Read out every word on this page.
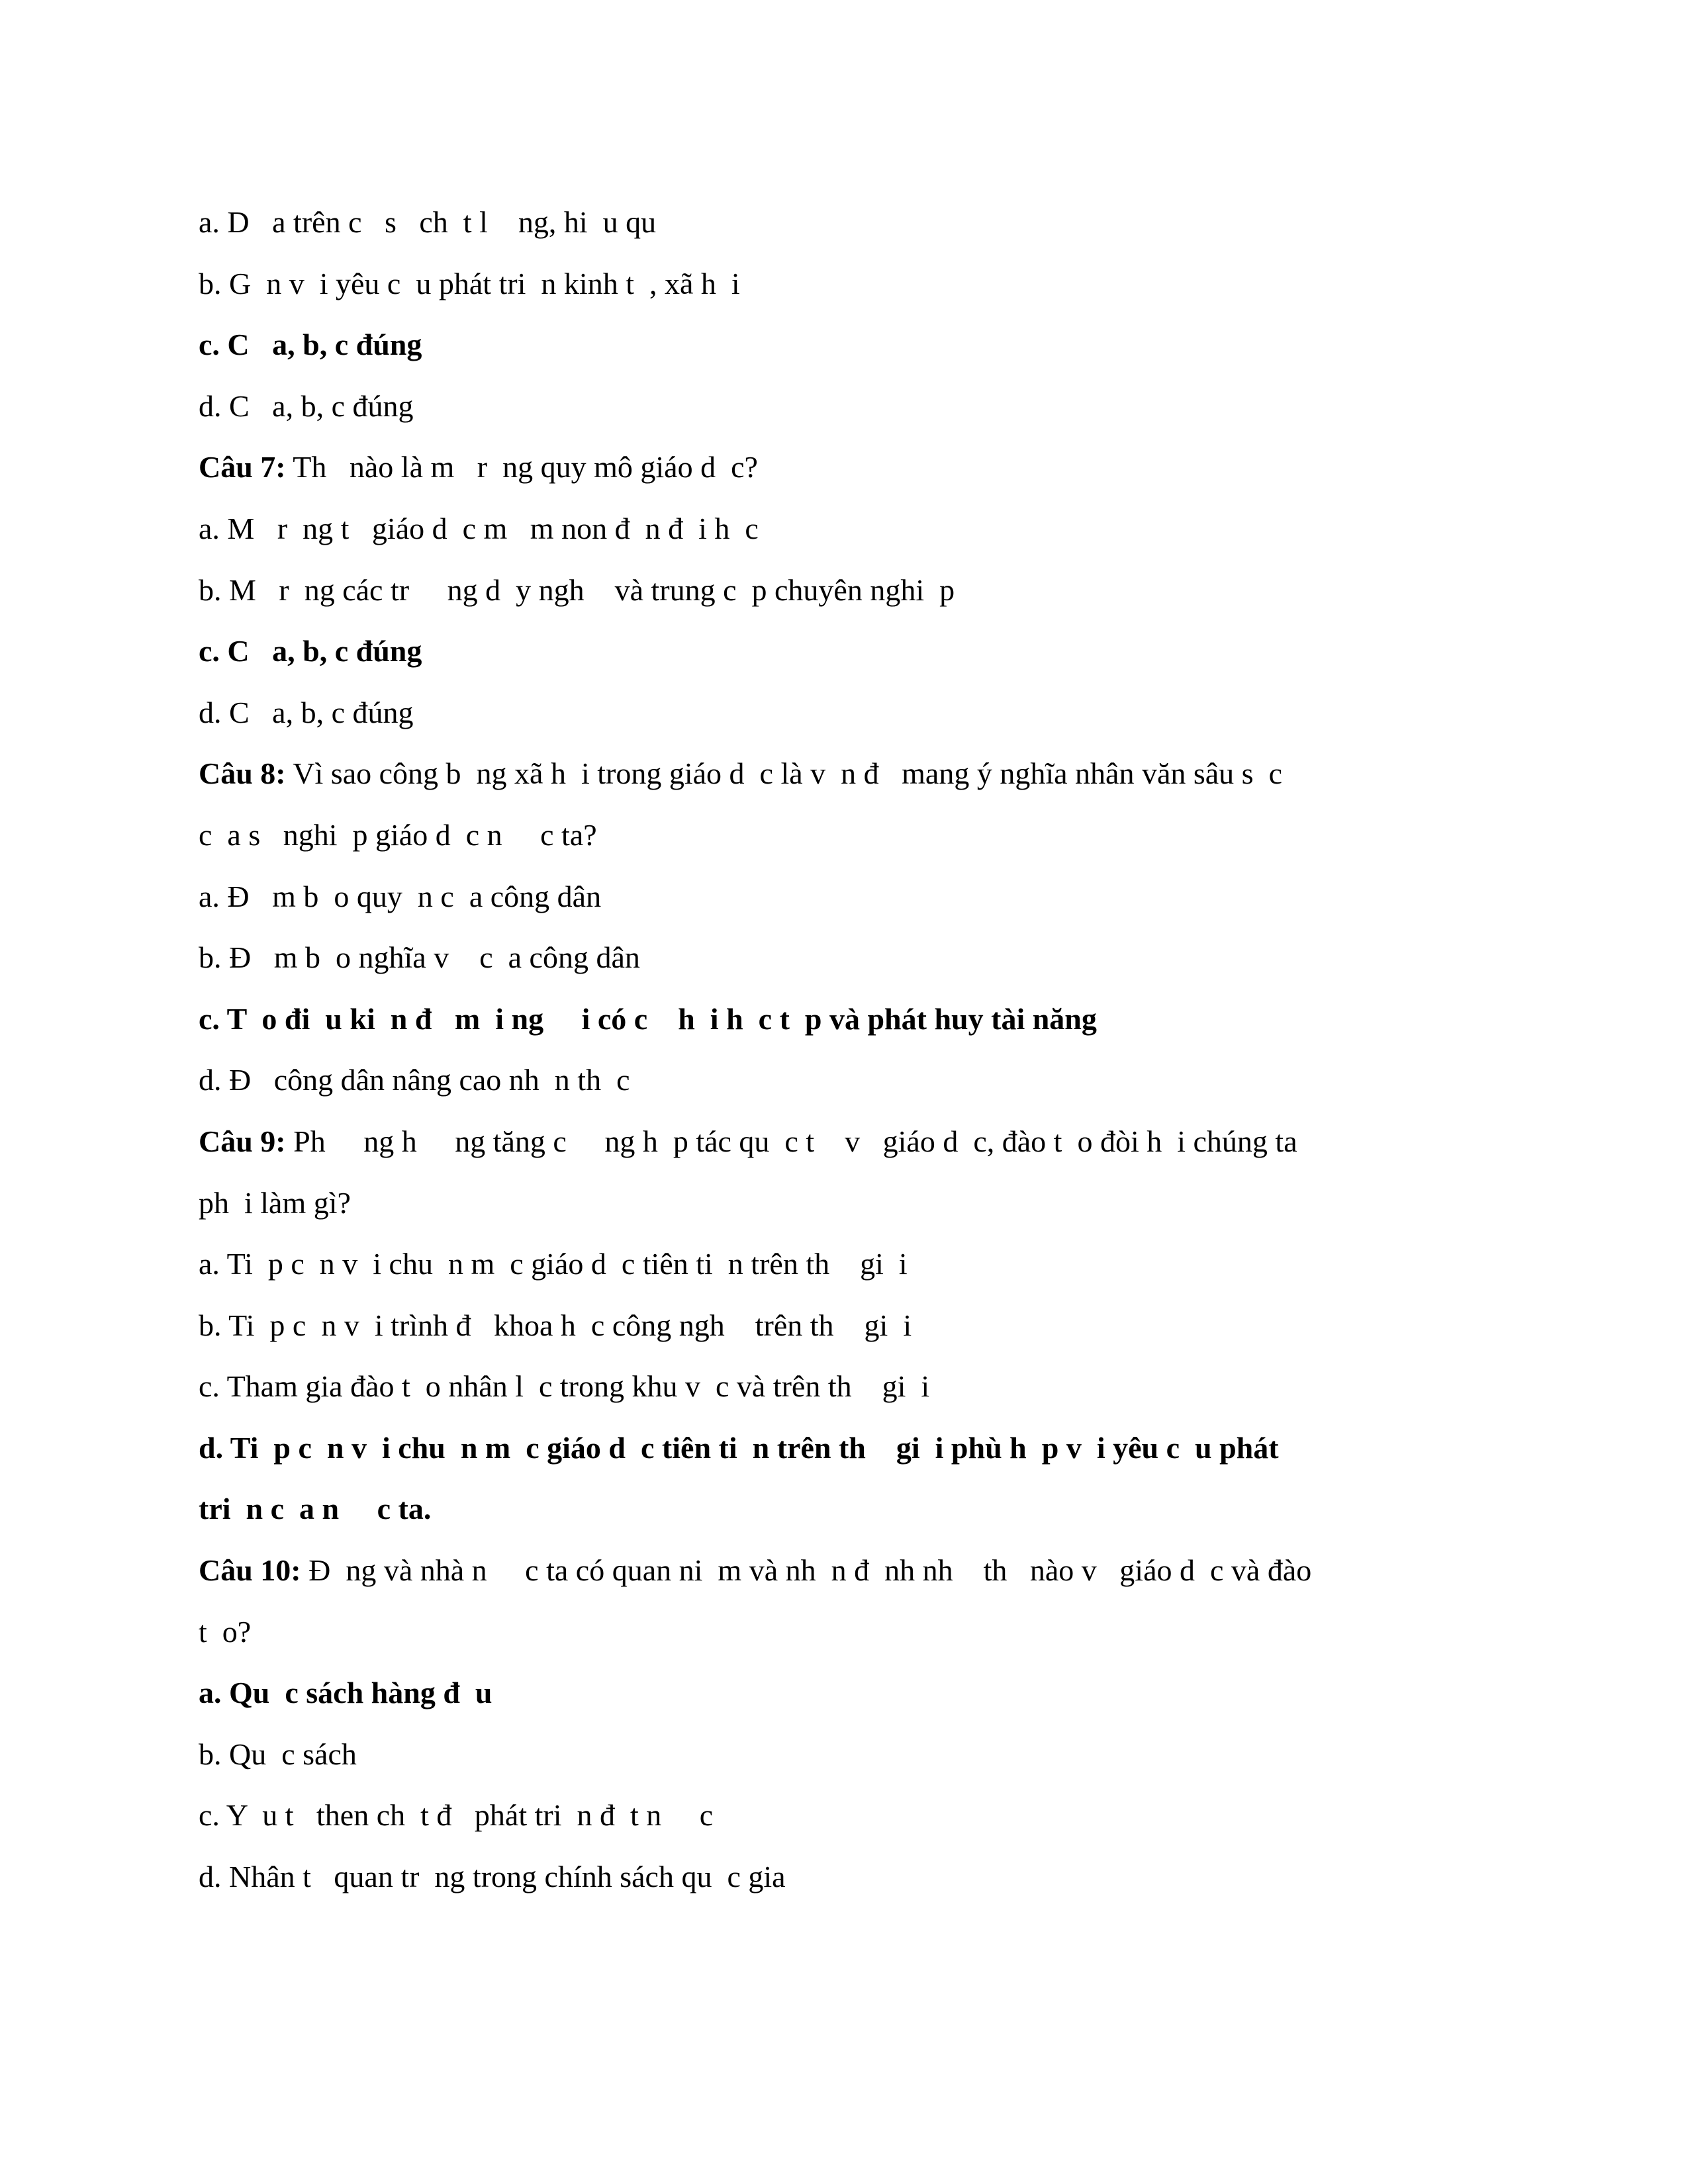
a. D   a trên c   s   ch  t l    ng, hi  u qu
b. G  n v  i yêu c  u phát tri  n kinh t  , xã h  i
c. C   a, b, c đúng
d. C   a, b, c đúng
Câu 7: Th   nào là m   r  ng quy mô giáo d  c?
a. M   r  ng t   giáo d  c m   m non đ  n đ  i h  c
b. M   r  ng các tr     ng d  y ngh    và trung c  p chuyên nghi  p
c. C   a, b, c đúng
d. C   a, b, c đúng
Câu 8: Vì sao công b  ng xã h  i trong giáo d  c là v  n đ   mang ý nghĩa nhân văn sâu s  c
c  a s   nghi  p giáo d  c n     c ta?
a. Đ   m b  o quy  n c  a công dân
b. Đ   m b  o nghĩa v    c  a công dân
c. T  o đi  u ki  n đ   m  i ng     i có c    h  i h  c t  p và phát huy tài năng
d. Đ   công dân nâng cao nh  n th  c
Câu 9: Ph     ng h     ng tăng c     ng h  p tác qu  c t    v   giáo d  c, đào t  o đòi h  i chúng ta
ph  i làm gì?
a. Ti  p c  n v  i chu  n m  c giáo d  c tiên ti  n trên th    gi  i
b. Ti  p c  n v  i trình đ   khoa h  c công ngh    trên th    gi  i
c. Tham gia đào t  o nhân l  c trong khu v  c và trên th    gi  i
d. Ti  p c  n v  i chu  n m  c giáo d  c tiên ti  n trên th    gi  i phù h  p v  i yêu c  u phát
tri  n c  a n     c ta.
Câu 10: Đ  ng và nhà n     c ta có quan ni  m và nh  n đ  nh nh    th   nào v   giáo d  c và đào
t  o?
a. Qu  c sách hàng đ  u
b. Qu  c sách
c. Y  u t   then ch  t đ   phát tri  n đ  t n     c
d. Nhân t   quan tr  ng trong chính sách qu  c gia
